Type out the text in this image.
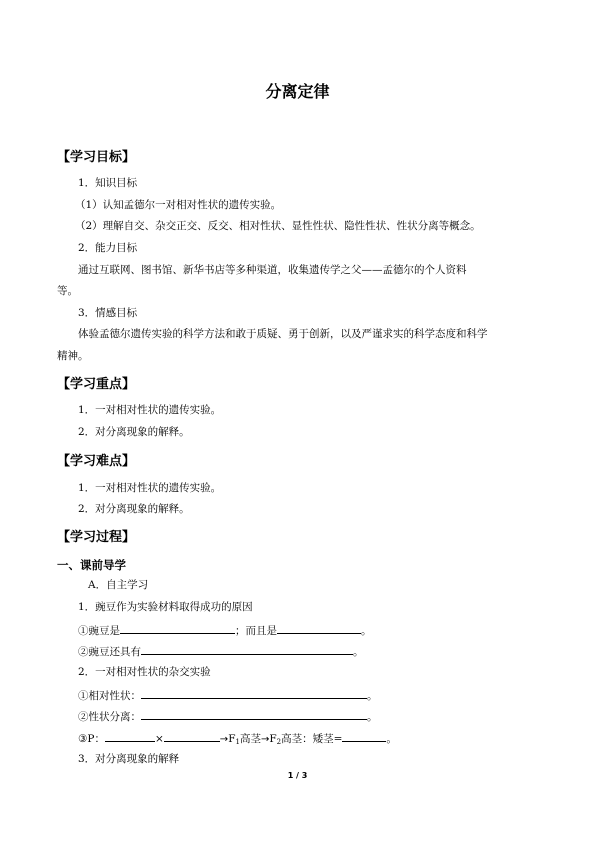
分离定律
【学习目标】
1．知识目标
（1）认知孟德尔一对相对性状的遗传实验。
（2）理解自交、杂交正交、反交、相对性状、显性性状、隐性性状、性状分离等概念。
2．能力目标
通过互联网、图书馆、新华书店等多种渠道，收集遗传学之父——孟德尔的个人资料
等。
3．情感目标
体验孟德尔遗传实验的科学方法和敢于质疑、勇于创新，以及严谨求实的科学态度和科学
精神。
【学习重点】
1．一对相对性状的遗传实验。
2．对分离现象的解释。
【学习难点】
1．一对相对性状的遗传实验。
2．对分离现象的解释。
【学习过程】
一、课前导学
A．自主学习
1．豌豆作为实验材料取得成功的原因
①豌豆是	；而且是	。
②豌豆还具有	。
2．一对相对性状的杂交实验
①相对性状：	。
②性状分离：	。
③P：	×	$\to F_1$高茎$\to F_2$高茎：矮茎=	。
3．对分离现象的解释
1 / 3
